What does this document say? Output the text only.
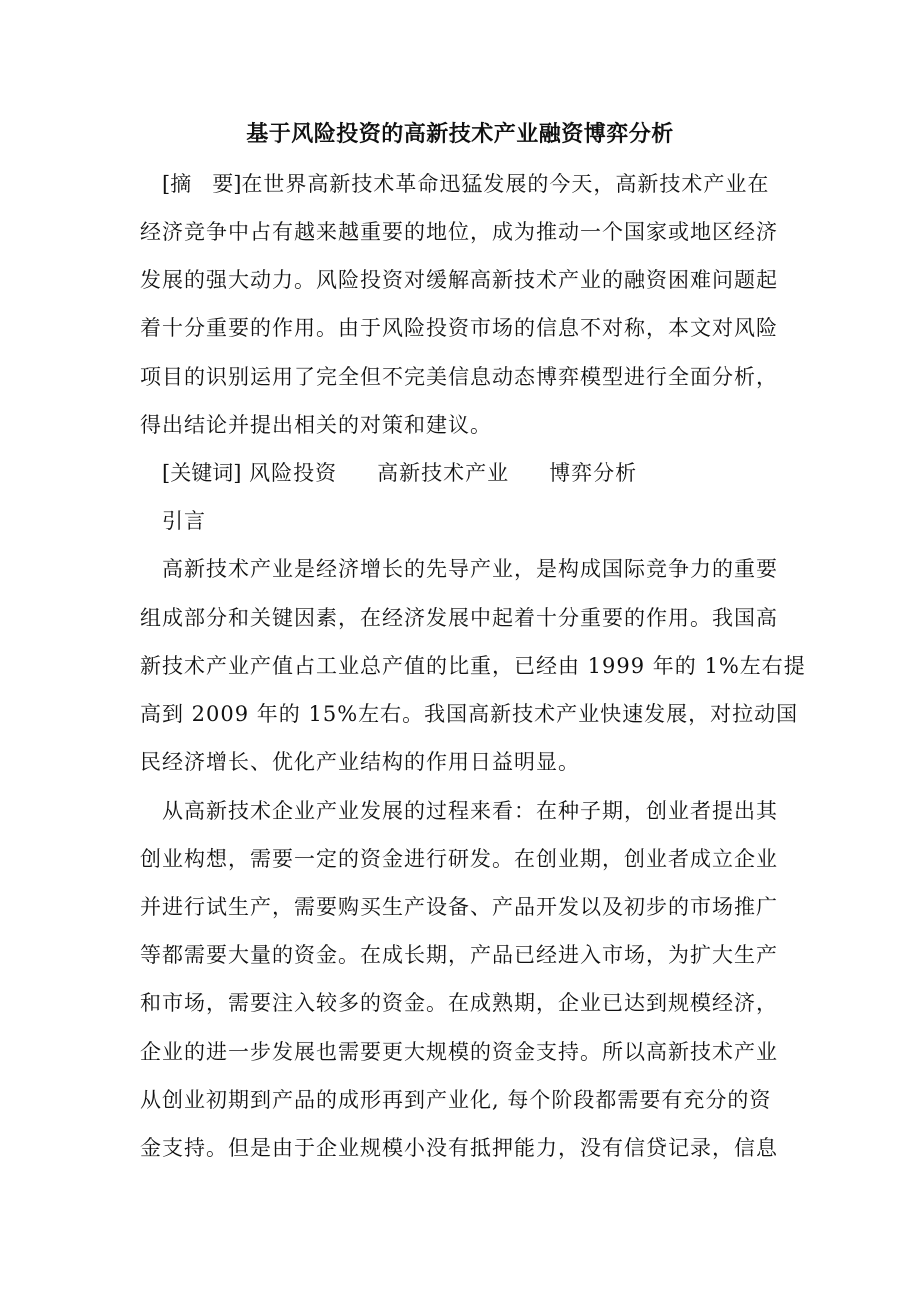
基于风险投资的高新技术产业融资博弈分析
[摘　要]在世界高新技术革命迅猛发展的今天，高新技术产业在
经济竞争中占有越来越重要的地位，成为推动一个国家或地区经济
发展的强大动力。风险投资对缓解高新技术产业的融资困难问题起
着十分重要的作用。由于风险投资市场的信息不对称，本文对风险
项目的识别运用了完全但不完美信息动态博弈模型进行全面分析，
得出结论并提出相关的对策和建议。
[关键词] 风险投资 高新技术产业 博弈分析
引言
高新技术产业是经济增长的先导产业，是构成国际竞争力的重要
组成部分和关键因素，在经济发展中起着十分重要的作用。我国高
新技术产业产值占工业总产值的比重，已经由 1999 年的 1%左右提
高到 2009 年的 15%左右。我国高新技术产业快速发展，对拉动国
民经济增长、优化产业结构的作用日益明显。
从高新技术企业产业发展的过程来看：在种子期，创业者提出其
创业构想，需要一定的资金进行研发。在创业期，创业者成立企业
并进行试生产，需要购买生产设备、产品开发以及初步的市场推广
等都需要大量的资金。在成长期，产品已经进入市场，为扩大生产
和市场，需要注入较多的资金。在成熟期，企业已达到规模经济，
企业的进一步发展也需要更大规模的资金支持。所以高新技术产业
从创业初期到产品的成形再到产业化, 每个阶段都需要有充分的资
金支持。但是由于企业规模小没有抵押能力，没有信贷记录，信息
